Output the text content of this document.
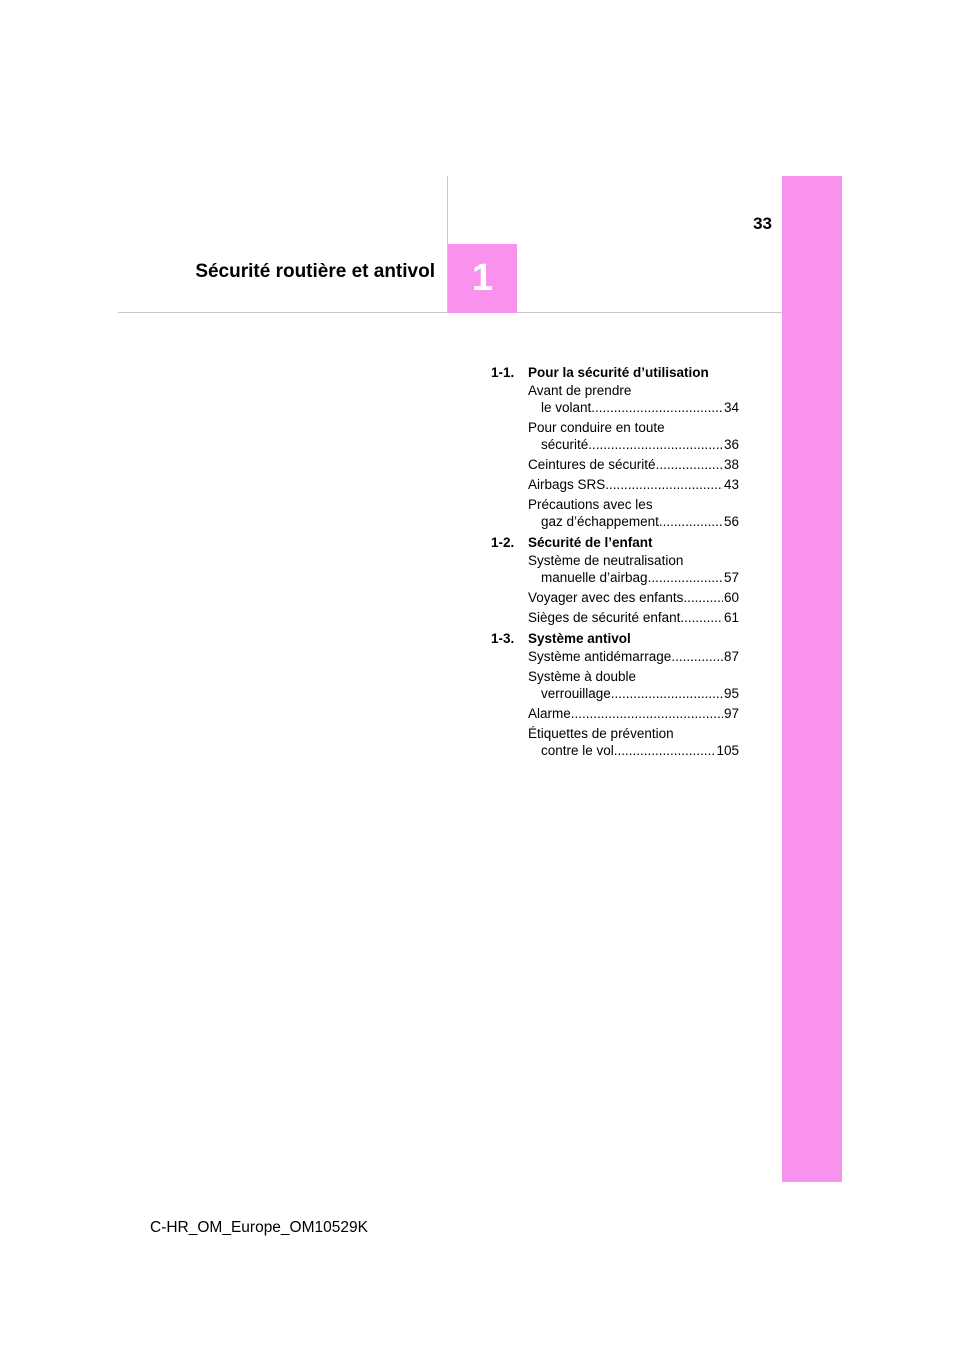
1
33
Sécurité routière et antivol
1-1.	Pour la sécurité d’utilisation
Avant de prendre
le volant .....	34
Pour conduire en toute
sécurité .....	36
Ceintures de sécurité .....	38
Airbags SRS .....	43
Précautions avec les
gaz d’échappement .....	56
1-2.	Sécurité de l’enfant
Système de neutralisation
manuelle d’airbag .....	57
Voyager avec des enfants .....	60
Sièges de sécurité enfant .....	61
1-3.	Système antivol
Système antidémarrage .....	87
Système à double
verrouillage .....	95
Alarme .....	97
Étiquettes de prévention
contre le vol .....	105
C-HR_OM_Europe_OM10529K
